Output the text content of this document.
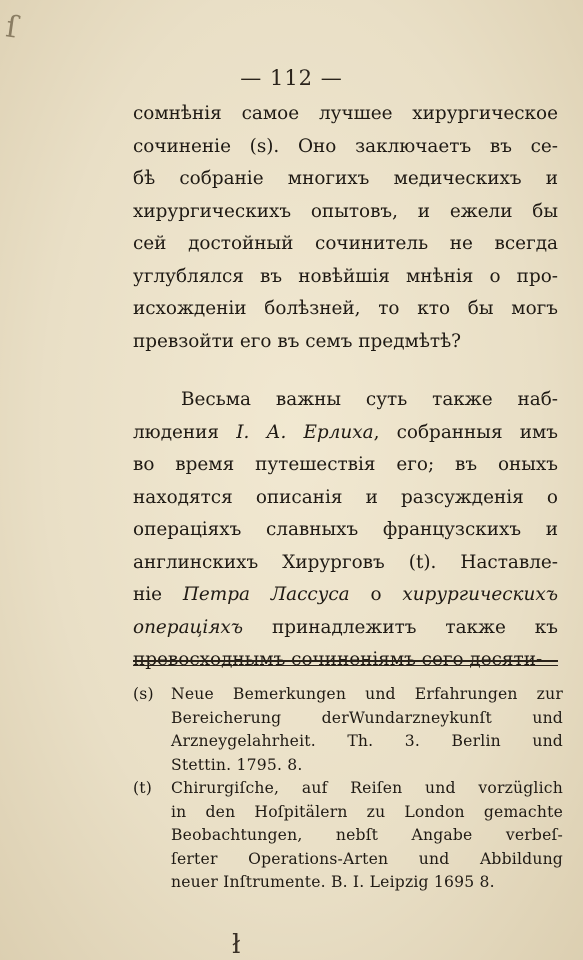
ſ
— 112 —
сомнѣнія самое лучшее хирургическое
сочиненіе (s). Оно заключаетъ въ се-
бѣ собраніе многихъ медическихъ и
хирургическихъ опытовъ, и ежели бы
сей достойный сочинитель не всегда
углублялся въ новѣйшія мнѣнія о про-
исхожденіи болѣзней, то кто бы могъ
превзойти его въ семъ предмѣтѣ?
Весьма важны суть также наб-
людения I. А. Ерлиха, собранныя имъ
во время путешествія его; въ оныхъ
находятся описанія и разсужденія о
операціяхъ славныхъ французскихъ и
англинскихъ Хирурговъ (t). Наставле-
ніе Петра Лассуса о хирургическихъ
операціяхъ принадлежитъ также къ
превосходнымъ сочиненіямъ сего десяти-
(s) Neue Bemerkungen und Erfahrungen zur
Bereicherung derWundarzneykunſt und
Arzneygelahrheit. Th. 3. Berlin und
Stettin. 1795. 8.
(t) Chirurgiſche, auf Reiſen und vorzüglich
in den Hoſpitälern zu London gemachte
Beobachtungen, nebſt Angabe verbeſ-
ſerter Operations-Arten und Abbildung
neuer Inſtrumente. B. I. Leipzig 1695 8.
ł
